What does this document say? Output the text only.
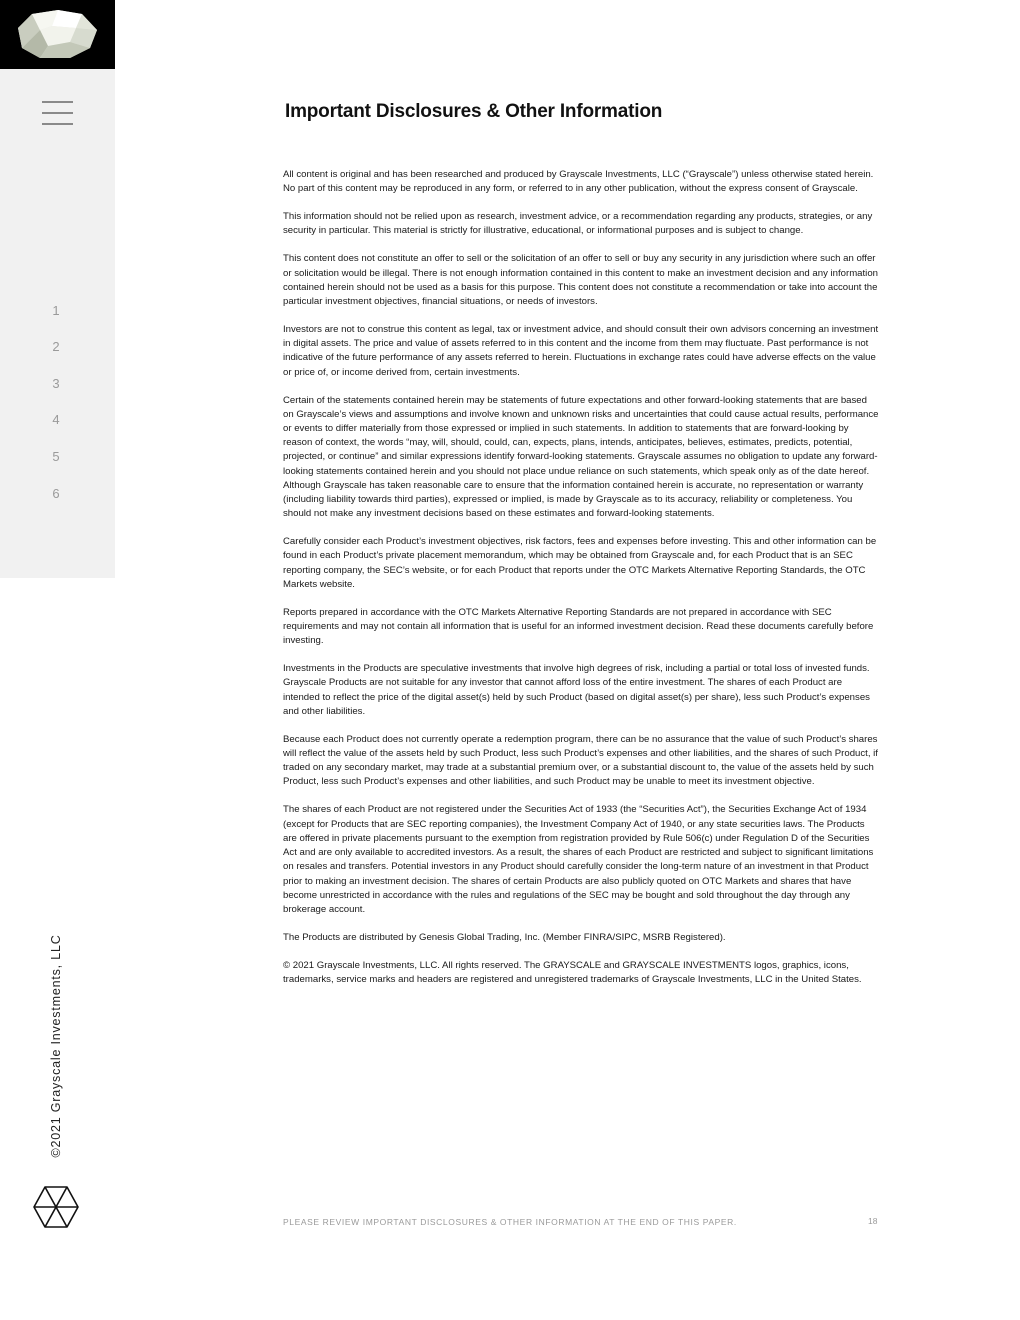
1
2
3
4
5
6
©2021 Grayscale Investments, LLC
Important Disclosures & Other Information

All content is original and has been researched and produced by Grayscale Investments, LLC (“Grayscale”) unless otherwise stated herein. No part of this content may be reproduced in any form, or referred to in any other publication, without the express consent of Grayscale.

This information should not be relied upon as research, investment advice, or a recommendation regarding any products, strategies, or any security in particular. This material is strictly for illustrative, educational, or informational purposes and is subject to change.

This content does not constitute an offer to sell or the solicitation of an offer to sell or buy any security in any jurisdiction where such an offer or solicitation would be illegal. There is not enough information contained in this content to make an investment decision and any information contained herein should not be used as a basis for this purpose. This content does not constitute a recommendation or take into account the particular investment objectives, financial situations, or needs of investors.

Investors are not to construe this content as legal, tax or investment advice, and should consult their own advisors concerning an investment in digital assets. The price and value of assets referred to in this content and the income from them may fluctuate. Past performance is not indicative of the future performance of any assets referred to herein. Fluctuations in exchange rates could have adverse effects on the value or price of, or income derived from, certain investments.

Certain of the statements contained herein may be statements of future expectations and other forward-looking statements that are based on Grayscale’s views and assumptions and involve known and unknown risks and uncertainties that could cause actual results, performance or events to differ materially from those expressed or implied in such statements. In addition to statements that are forward-looking by reason of context, the words “may, will, should, could, can, expects, plans, intends, anticipates, believes, estimates, predicts, potential, projected, or continue” and similar expressions identify forward-looking statements. Grayscale assumes no obligation to update any forward-looking statements contained herein and you should not place undue reliance on such statements, which speak only as of the date hereof. Although Grayscale has taken reasonable care to ensure that the information contained herein is accurate, no representation or warranty (including liability towards third parties), expressed or implied, is made by Grayscale as to its accuracy, reliability or completeness. You should not make any investment decisions based on these estimates and forward-looking statements.

Carefully consider each Product’s investment objectives, risk factors, fees and expenses before investing. This and other information can be found in each Product’s private placement memorandum, which may be obtained from Grayscale and, for each Product that is an SEC reporting company, the SEC’s website, or for each Product that reports under the OTC Markets Alternative Reporting Standards, the OTC Markets website.

Reports prepared in accordance with the OTC Markets Alternative Reporting Standards are not prepared in accordance with SEC requirements and may not contain all information that is useful for an informed investment decision. Read these documents carefully before investing.

Investments in the Products are speculative investments that involve high degrees of risk, including a partial or total loss of invested funds. Grayscale Products are not suitable for any investor that cannot afford loss of the entire investment. The shares of each Product are intended to reflect the price of the digital asset(s) held by such Product (based on digital asset(s) per share), less such Product’s expenses and other liabilities.

Because each Product does not currently operate a redemption program, there can be no assurance that the value of such Product’s shares will reflect the value of the assets held by such Product, less such Product’s expenses and other liabilities, and the shares of such Product, if traded on any secondary market, may trade at a substantial premium over, or a substantial discount to, the value of the assets held by such Product, less such Product’s expenses and other liabilities, and such Product may be unable to meet its investment objective.

The shares of each Product are not registered under the Securities Act of 1933 (the “Securities Act”), the Securities Exchange Act of 1934 (except for Products that are SEC reporting companies), the Investment Company Act of 1940, or any state securities laws. The Products are offered in private placements pursuant to the exemption from registration provided by Rule 506(c) under Regulation D of the Securities Act and are only available to accredited investors. As a result, the shares of each Product are restricted and subject to significant limitations on resales and transfers. Potential investors in any Product should carefully consider the long-term nature of an investment in that Product prior to making an investment decision. The shares of certain Products are also publicly quoted on OTC Markets and shares that have become unrestricted in accordance with the rules and regulations of the SEC may be bought and sold throughout the day through any brokerage account.

The Products are distributed by Genesis Global Trading, Inc. (Member FINRA/SIPC, MSRB Registered).

© 2021 Grayscale Investments, LLC. All rights reserved. The GRAYSCALE and GRAYSCALE INVESTMENTS logos, graphics, icons, trademarks, service marks and headers are registered and unregistered trademarks of Grayscale Investments, LLC in the United States.

PLEASE REVIEW IMPORTANT DISCLOSURES & OTHER INFORMATION AT THE END OF THIS PAPER.	18
